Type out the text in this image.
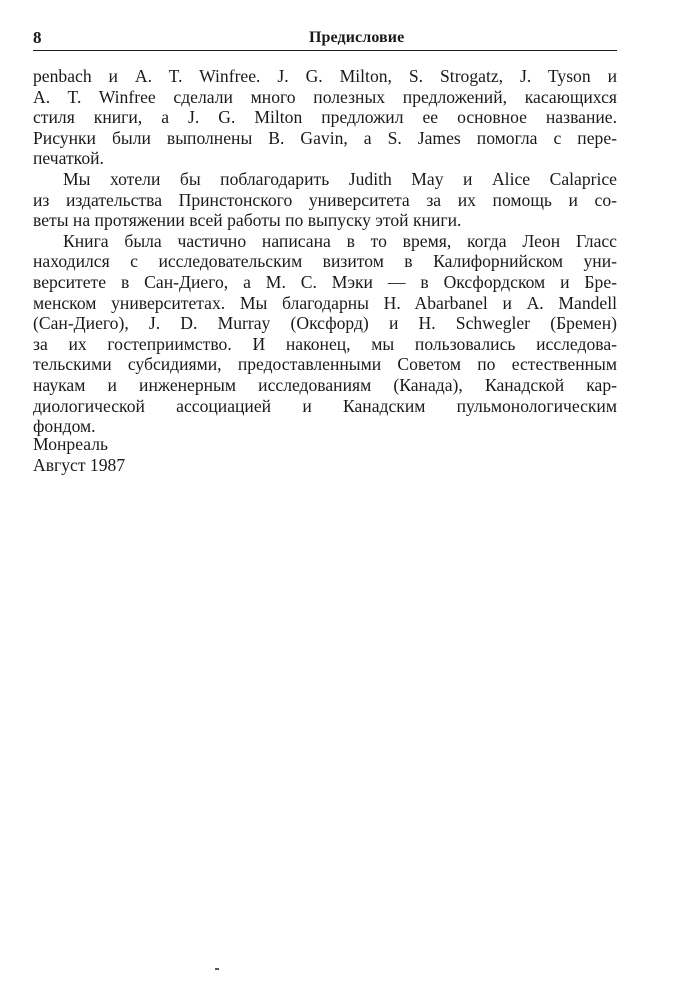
8	Предисловие
penbach и A. T. Winfree. J. G. Milton, S. Strogatz, J. Tyson и
A. T. Winfree сделали много полезных предложений, касающихся
стиля книги, а J. G. Milton предложил ее основное название.
Рисунки были выполнены B. Gavin, а S. James помогла с пере-
печаткой.
Мы хотели бы поблагодарить Judith May и Alice Calaprice
из издательства Принстонского университета за их помощь и со-
веты на протяжении всей работы по выпуску этой книги.
Книга была частично написана в то время, когда Леон Гласс
находился с исследовательским визитом в Калифорнийском уни-
верситете в Сан-Диего, а М. С. Мэки — в Оксфордском и Бре-
менском университетах. Мы благодарны H. Abarbanel и A. Mandell
(Сан-Диего), J. D. Murray (Оксфорд) и H. Schwegler (Бремен)
за их гостеприимство. И наконец, мы пользовались исследова-
тельскими субсидиями, предоставленными Советом по естественным
наукам и инженерным исследованиям (Канада), Канадской кар-
диологической ассоциацией и Канадским пульмонологическим
фондом.
Монреаль
Август 1987
